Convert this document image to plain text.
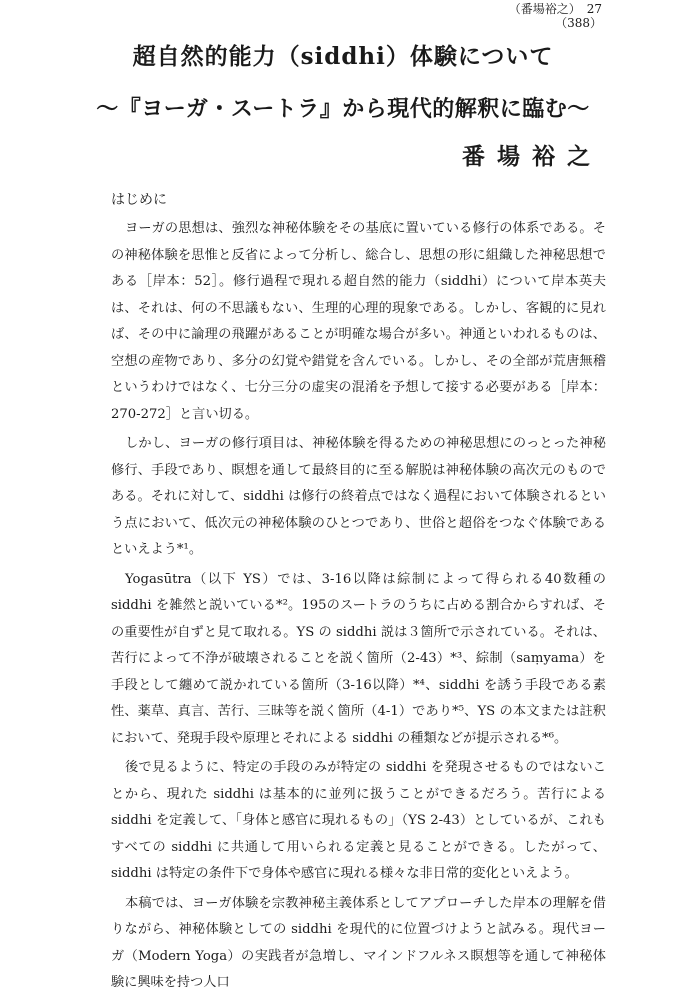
（番場裕之） 27
（388）
超自然的能力（siddhi）体験について
〜『ヨーガ・スートラ』から現代的解釈に臨む〜
番場裕之
はじめに

ヨーガの思想は、強烈な神秘体験をその基底に置いている修行の体系である。その神秘体験を思惟と反省によって分析し、総合し、思想の形に組織した神秘思想である［岸本：52］。修行過程で現れる超自然的能力（siddhi）について岸本英夫は、それは、何の不思議もない、生理的心理的現象である。しかし、客観的に見れば、その中に論理の飛躍があることが明確な場合が多い。神通といわれるものは、空想の産物であり、多分の幻覚や錯覚を含んでいる。しかし、その全部が荒唐無稽というわけではなく、七分三分の虚実の混淆を予想して接する必要がある［岸本：270-272］と言い切る。

しかし、ヨーガの修行項目は、神秘体験を得るための神秘思想にのっとった神秘修行、手段であり、瞑想を通して最終目的に至る解脱は神秘体験の高次元のものである。それに対して、siddhi は修行の終着点ではなく過程において体験されるという点において、低次元の神秘体験のひとつであり、世俗と超俗をつなぐ体験であるといえよう*¹。

Yogasūtra（以下 YS）では、3-16以降は綜制によって得られる40数種の siddhi を雑然と説いている*²。195のスートラのうちに占める割合からすれば、その重要性が自ずと見て取れる。YS の siddhi 説は３箇所で示されている。それは、苦行によって不浄が破壊されることを説く箇所（2-43）*³、綜制（saṃyama）を手段として纏めて説かれている箇所（3-16以降）*⁴、siddhi を誘う手段である素性、薬草、真言、苦行、三昧等を説く箇所（4-1）であり*⁵、YS の本文または註釈において、発現手段や原理とそれによる siddhi の種類などが提示される*⁶。

後で見るように、特定の手段のみが特定の siddhi を発現させるものではないことから、現れた siddhi は基本的に並列に扱うことができるだろう。苦行による siddhi を定義して、「身体と感官に現れるもの」（YS 2-43）としているが、これもすべての siddhi に共通して用いられる定義と見ることができる。したがって、siddhi は特定の条件下で身体や感官に現れる様々な非日常的変化といえよう。

本稿では、ヨーガ体験を宗教神秘主義体系としてアプローチした岸本の理解を借りながら、神秘体験としての siddhi を現代的に位置づけようと試みる。現代ヨーガ（Modern Yoga）の実践者が急増し、マインドフルネス瞑想等を通して神秘体験に興味を持つ人口
